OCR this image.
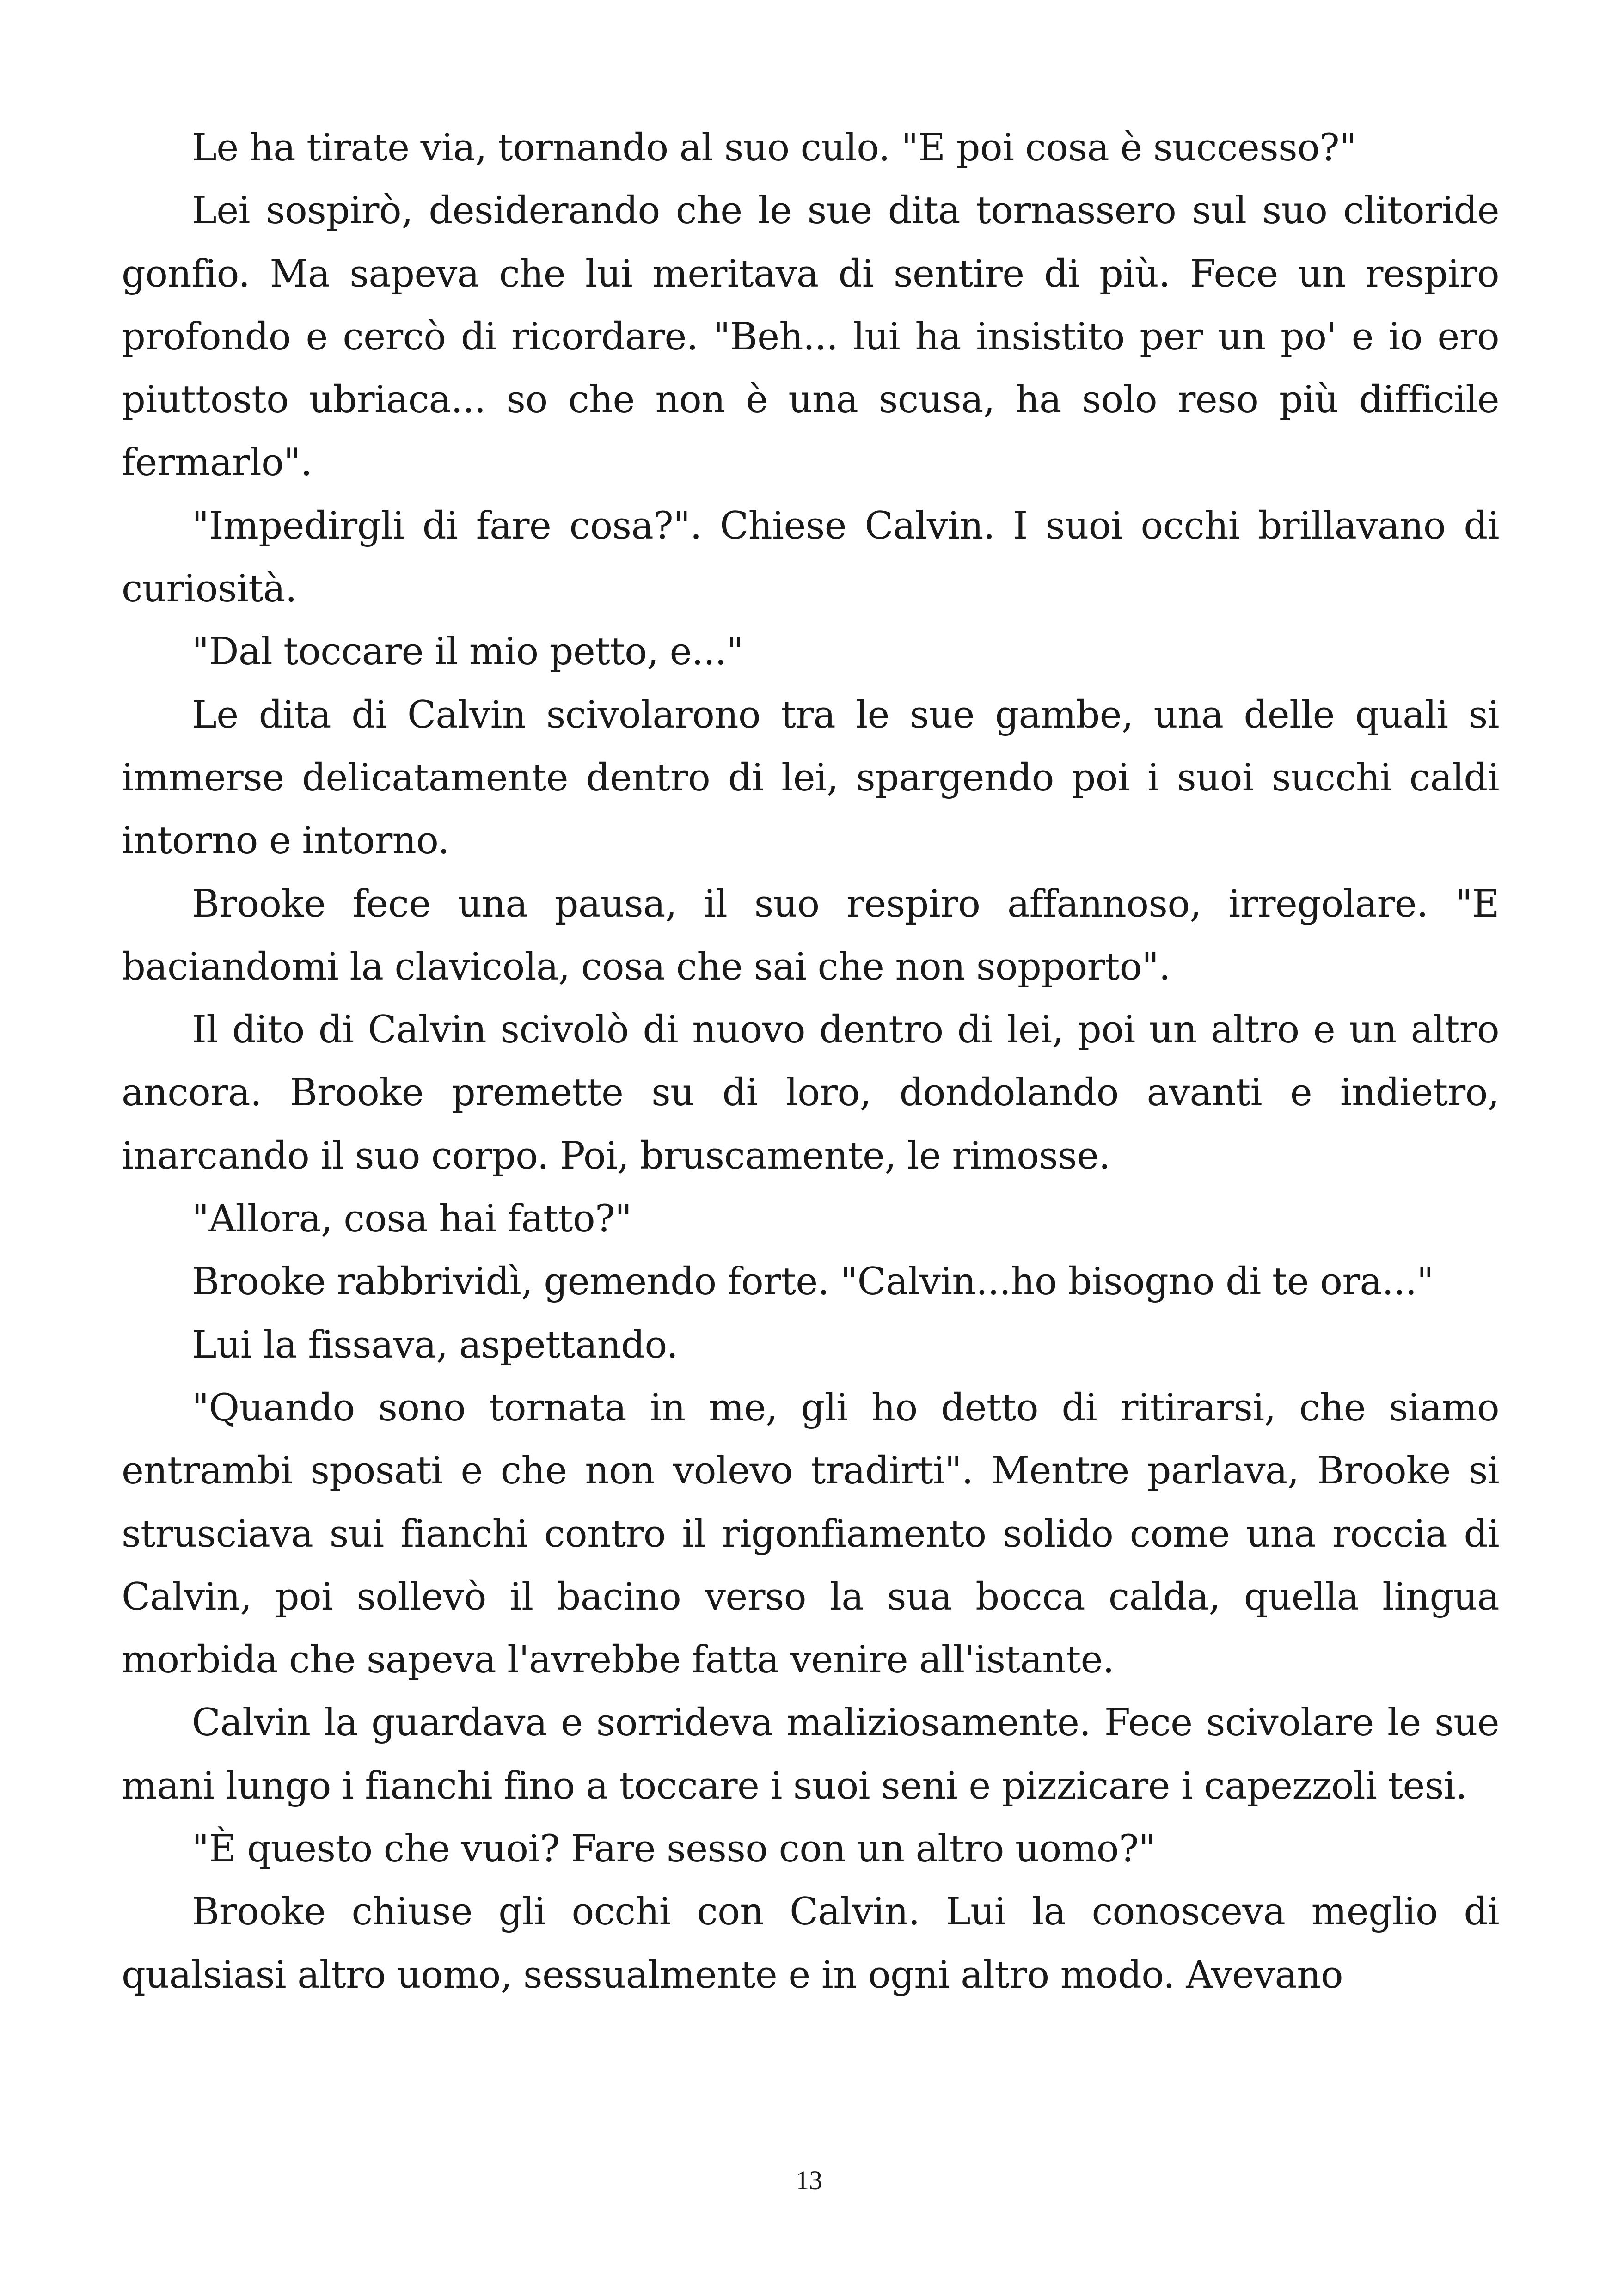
Le ha tirate via, tornando al suo culo. "E poi cosa è successo?"

Lei sospirò, desiderando che le sue dita tornassero sul suo clitoride gonfio. Ma sapeva che lui meritava di sentire di più. Fece un respiro profondo e cercò di ricordare. "Beh... lui ha insistito per un po' e io ero piuttosto ubriaca... so che non è una scusa, ha solo reso più difficile fermarlo".

"Impedirgli di fare cosa?". Chiese Calvin. I suoi occhi brillavano di curiosità.

"Dal toccare il mio petto, e..."

Le dita di Calvin scivolarono tra le sue gambe, una delle quali si immerse delicatamente dentro di lei, spargendo poi i suoi succhi caldi intorno e intorno.

Brooke fece una pausa, il suo respiro affannoso, irregolare. "E baciandomi la clavicola, cosa che sai che non sopporto".

Il dito di Calvin scivolò di nuovo dentro di lei, poi un altro e un altro ancora. Brooke premette su di loro, dondolando avanti e indietro, inarcando il suo corpo. Poi, bruscamente, le rimosse.

"Allora, cosa hai fatto?"

Brooke rabbrividì, gemendo forte. "Calvin...ho bisogno di te ora..."

Lui la fissava, aspettando.

"Quando sono tornata in me, gli ho detto di ritirarsi, che siamo entrambi sposati e che non volevo tradirti". Mentre parlava, Brooke si strusciava sui fianchi contro il rigonfiamento solido come una roccia di Calvin, poi sollevò il bacino verso la sua bocca calda, quella lingua morbida che sapeva l'avrebbe fatta venire all'istante.

Calvin la guardava e sorrideva maliziosamente. Fece scivolare le sue mani lungo i fianchi fino a toccare i suoi seni e pizzicare i capezzoli tesi.

"È questo che vuoi? Fare sesso con un altro uomo?"

Brooke chiuse gli occhi con Calvin. Lui la conosceva meglio di qualsiasi altro uomo, sessualmente e in ogni altro modo. Avevano

13
